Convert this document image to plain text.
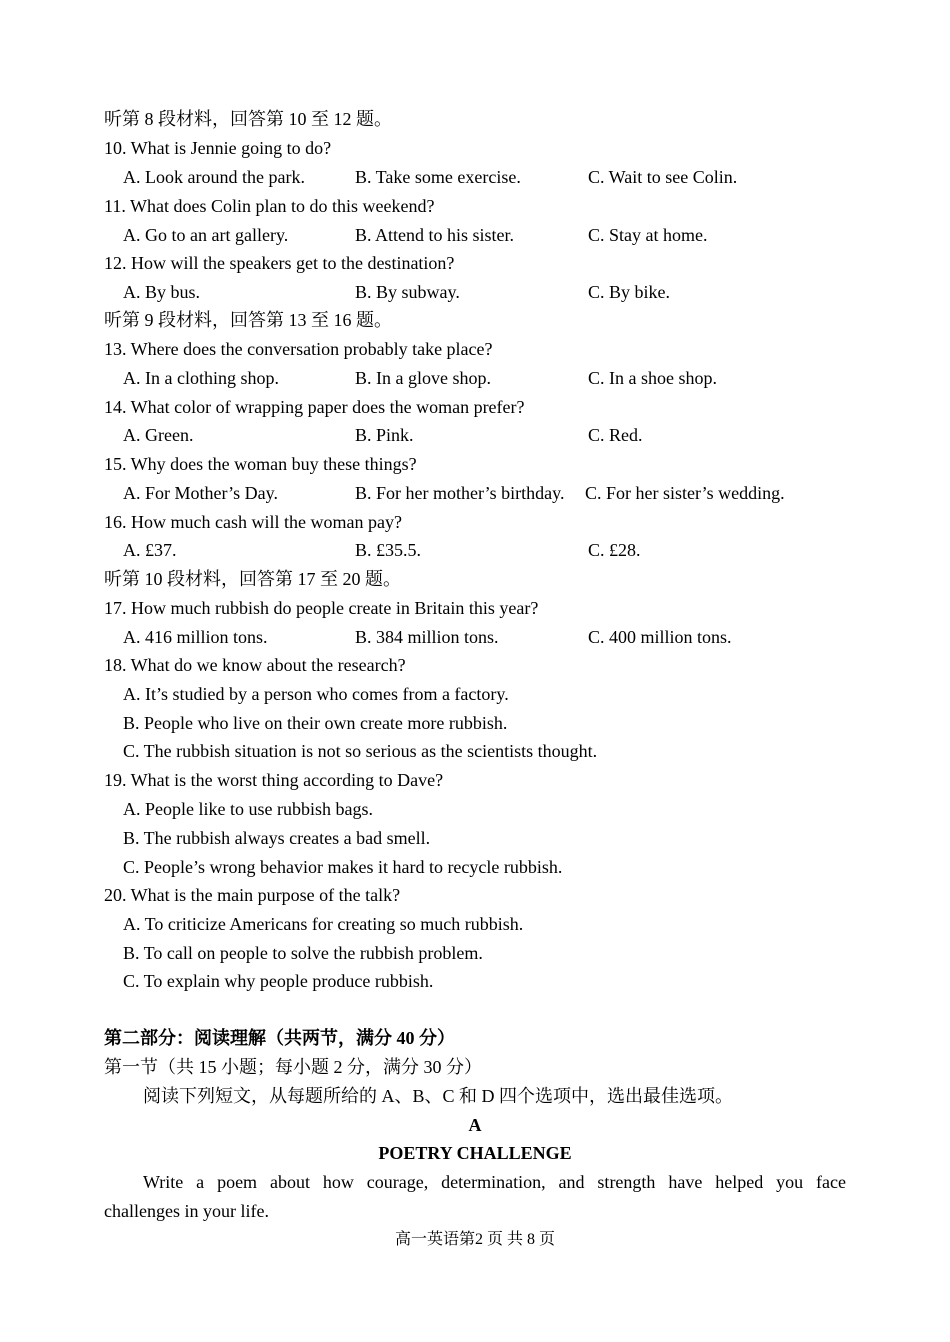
听第 8 段材料，回答第 10 至 12 题。
10. What is Jennie going to do?
A. Look around the park.	B. Take some exercise.	C. Wait to see Colin.
11. What does Colin plan to do this weekend?
A. Go to an art gallery.	B. Attend to his sister.	C. Stay at home.
12. How will the speakers get to the destination?
A. By bus.	B. By subway.	C. By bike.
听第 9 段材料，回答第 13 至 16 题。
13. Where does the conversation probably take place?
A. In a clothing shop.	B. In a glove shop.	C. In a shoe shop.
14. What color of wrapping paper does the woman prefer?
A. Green.	B. Pink.	C. Red.
15. Why does the woman buy these things?
A. For Mother’s Day.	B. For her mother’s birthday. C. For her sister’s wedding.
16. How much cash will the woman pay?
A. £37.	B. £35.5.	C. £28.
听第 10 段材料，回答第 17 至 20 题。
17. How much rubbish do people create in Britain this year?
A. 416 million tons.	B. 384 million tons.	C. 400 million tons.
18. What do we know about the research?
A. It’s studied by a person who comes from a factory.
B. People who live on their own create more rubbish.
C. The rubbish situation is not so serious as the scientists thought.
19. What is the worst thing according to Dave?
A. People like to use rubbish bags.
B. The rubbish always creates a bad smell.
C. People’s wrong behavior makes it hard to recycle rubbish.
20. What is the main purpose of the talk?
A. To criticize Americans for creating so much rubbish.
B. To call on people to solve the rubbish problem.
C. To explain why people produce rubbish.
第二部分：阅读理解（共两节，满分 40 分）
第一节（共 15 小题；每小题 2 分，满分 30 分）
阅读下列短文，从每题所给的 A、B、C 和 D 四个选项中，选出最佳选项。
A
POETRY CHALLENGE
Write a poem about how courage, determination, and strength have helped you face
challenges in your life.
高一英语第2 页 共 8 页
